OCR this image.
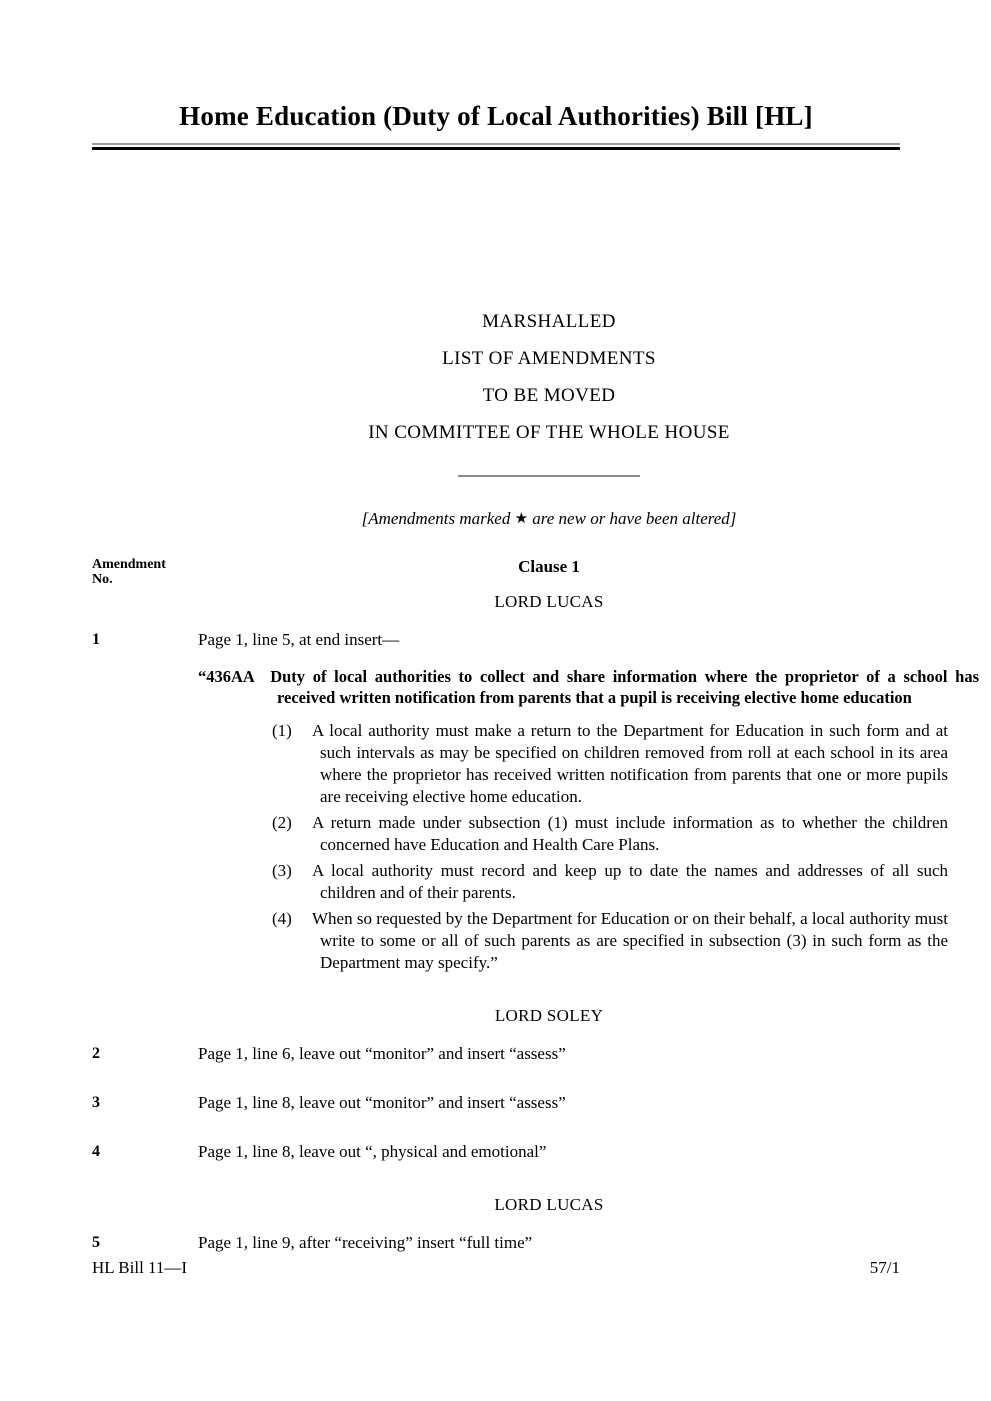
Home Education (Duty of Local Authorities) Bill [HL]
MARSHALLED
LIST OF AMENDMENTS
TO BE MOVED
IN COMMITTEE OF THE WHOLE HOUSE
[Amendments marked ★ are new or have been altered]
Amendment
No.
Clause 1
LORD LUCAS
1	Page 1, line 5, at end insert—
“436AA Duty of local authorities to collect and share information where the proprietor of a school has received written notification from parents that a pupil is receiving elective home education
(1) A local authority must make a return to the Department for Education in such form and at such intervals as may be specified on children removed from roll at each school in its area where the proprietor has received written notification from parents that one or more pupils are receiving elective home education.
(2) A return made under subsection (1) must include information as to whether the children concerned have Education and Health Care Plans.
(3) A local authority must record and keep up to date the names and addresses of all such children and of their parents.
(4) When so requested by the Department for Education or on their behalf, a local authority must write to some or all of such parents as are specified in subsection (3) in such form as the Department may specify.”
LORD SOLEY
2	Page 1, line 6, leave out “monitor” and insert “assess”
3	Page 1, line 8, leave out “monitor” and insert “assess”
4	Page 1, line 8, leave out “, physical and emotional”
LORD LUCAS
5	Page 1, line 9, after “receiving” insert “full time”
HL Bill 11—I	57/1
